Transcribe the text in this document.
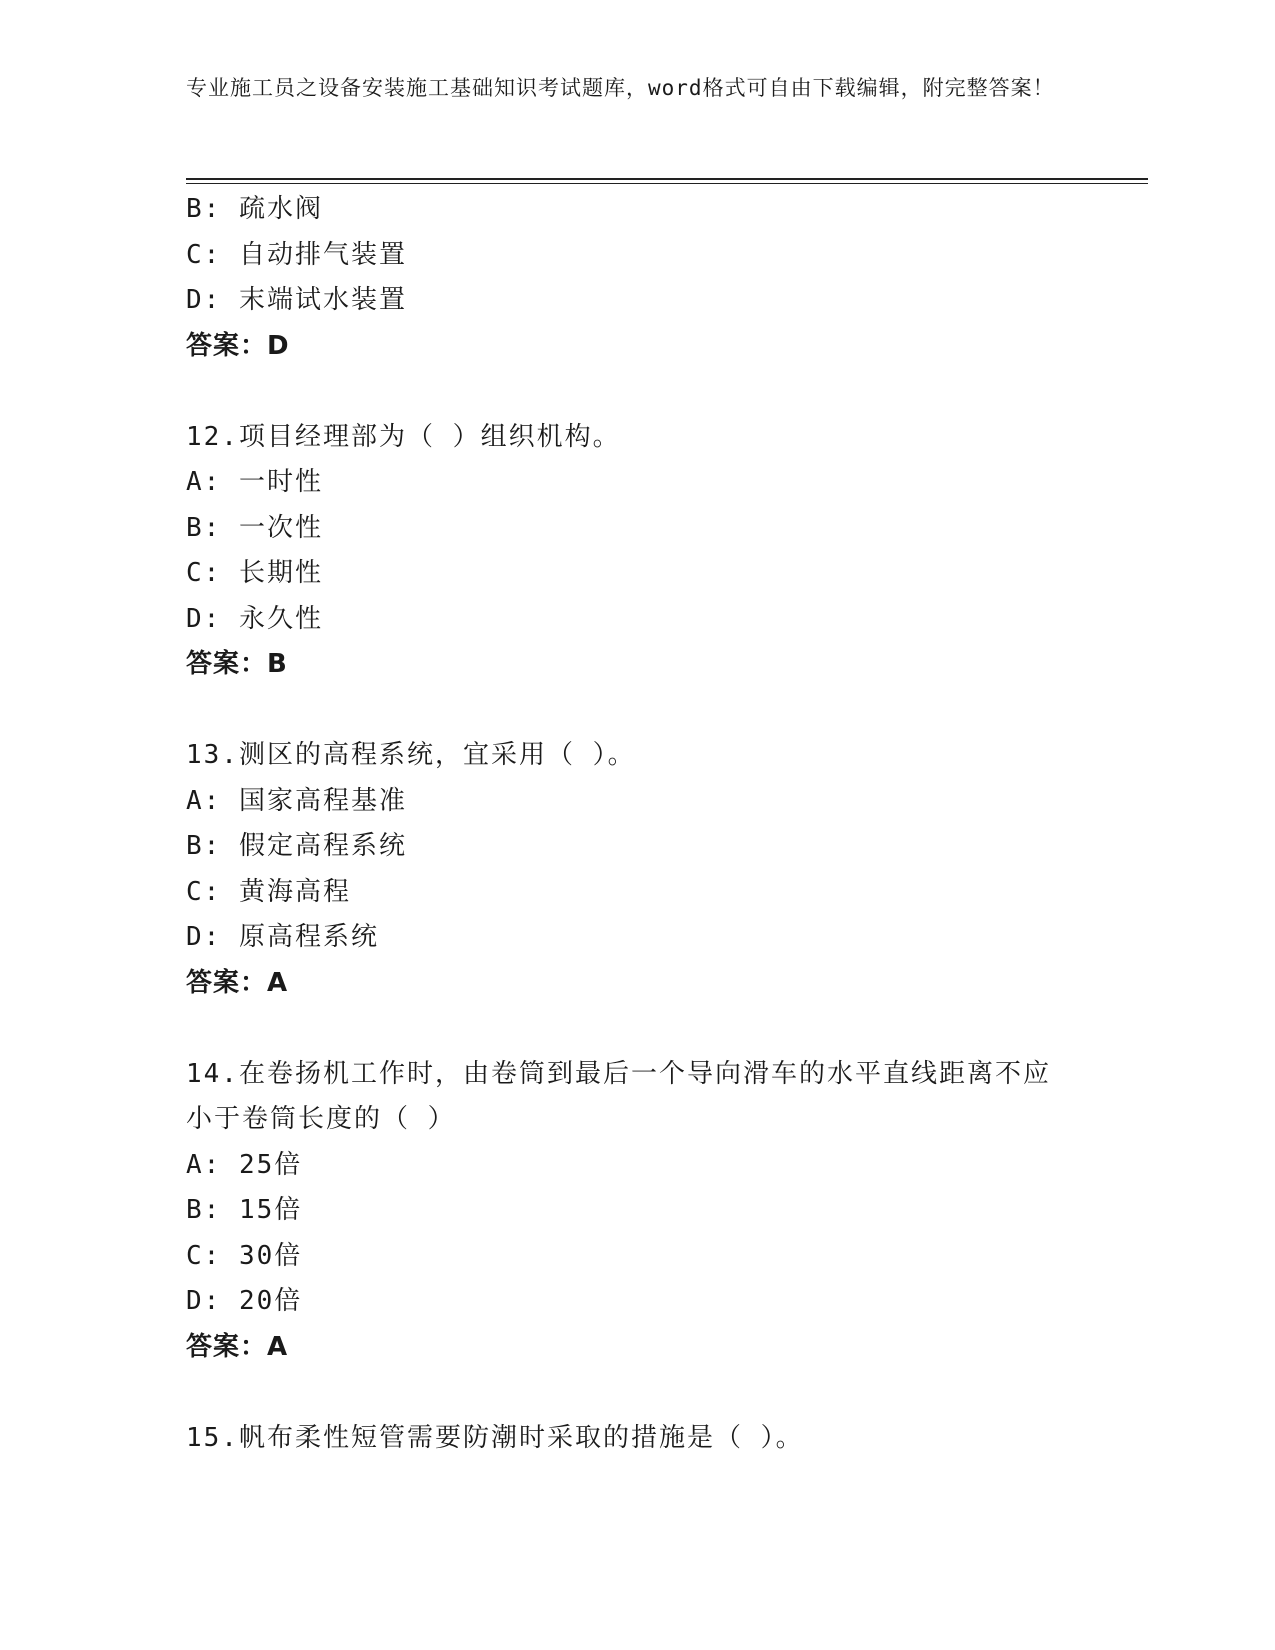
专业施工员之设备安装施工基础知识考试题库，word格式可自由下载编辑，附完整答案！
B: 疏水阀
C: 自动排气装置
D: 末端试水装置
答案：D
12.项目经理部为（ ）组织机构。
A: 一时性
B: 一次性
C: 长期性
D: 永久性
答案：B
13.测区的高程系统，宜采用（ ）。
A: 国家高程基准
B: 假定高程系统
C: 黄海高程
D: 原高程系统
答案：A
14.在卷扬机工作时，由卷筒到最后一个导向滑车的水平直线距离不应小于卷筒长度的（ ）
A: 25倍
B: 15倍
C: 30倍
D: 20倍
答案：A
15.帆布柔性短管需要防潮时采取的措施是（ ）。
